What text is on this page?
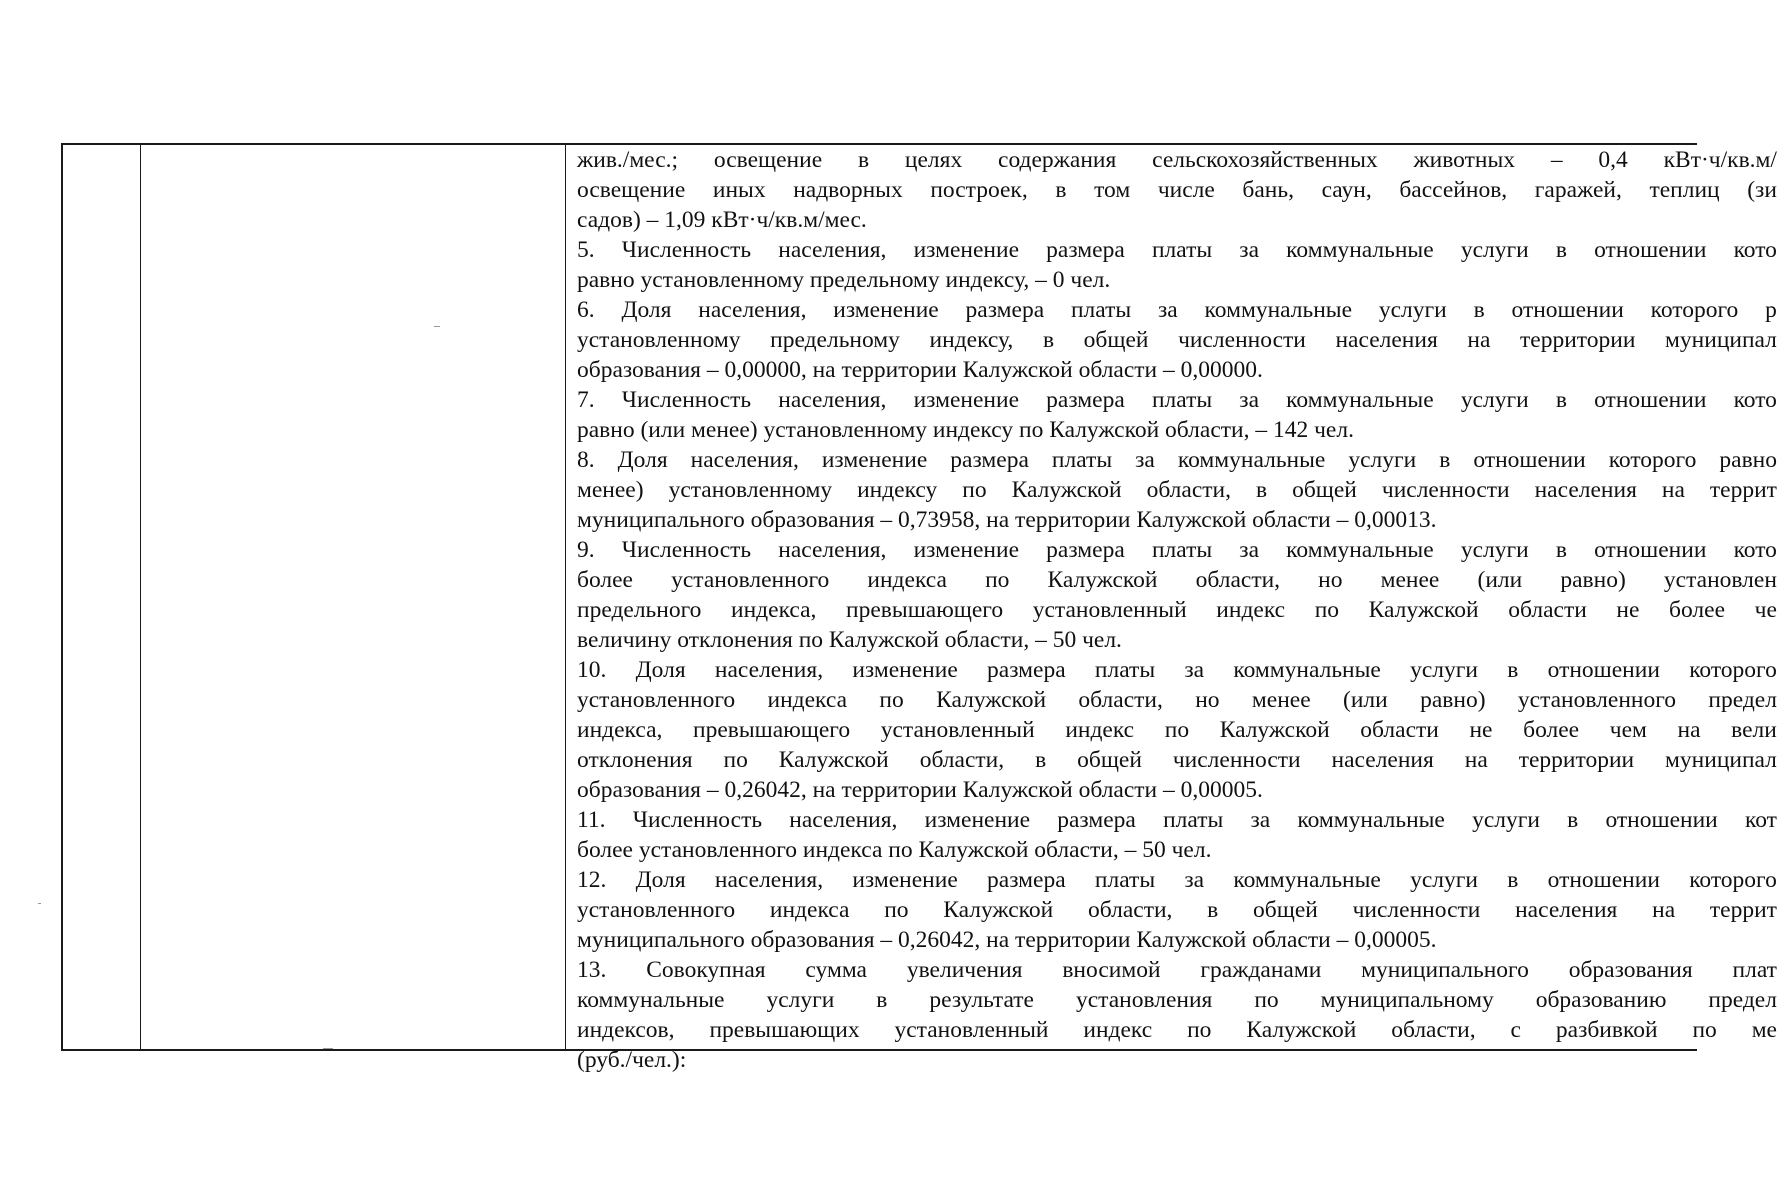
жив./мес.; освещение в целях содержания сельскохозяйственных животных – 0,4 кВт·ч/кв.м/
освещение иных надворных построек, в том числе бань, саун, бассейнов, гаражей, теплиц (зи
садов) – 1,09 кВт·ч/кв.м/мес.
5. Численность населения, изменение размера платы за коммунальные услуги в отношении кото
равно установленному предельному индексу, – 0 чел.
6. Доля населения, изменение размера платы за коммунальные услуги в отношении которого р
установленному предельному индексу, в общей численности населения на территории муниципал
образования – 0,00000, на территории Калужской области – 0,00000.
7. Численность населения, изменение размера платы за коммунальные услуги в отношении кото
равно (или менее) установленному индексу по Калужской области, – 142 чел.
8. Доля населения, изменение размера платы за коммунальные услуги в отношении которого равно
менее) установленному индексу по Калужской области, в общей численности населения на террит
муниципального образования – 0,73958, на территории Калужской области – 0,00013.
9. Численность населения, изменение размера платы за коммунальные услуги в отношении кото
более установленного индекса по Калужской области, но менее (или равно) установлен
предельного индекса, превышающего установленный индекс по Калужской области не более че
величину отклонения по Калужской области, – 50 чел.
10. Доля населения, изменение размера платы за коммунальные услуги в отношении которого
установленного индекса по Калужской области, но менее (или равно) установленного предел
индекса, превышающего установленный индекс по Калужской области не более чем на вели
отклонения по Калужской области, в общей численности населения на территории муниципал
образования – 0,26042, на территории Калужской области – 0,00005.
11. Численность населения, изменение размера платы за коммунальные услуги в отношении кот
более установленного индекса по Калужской области, – 50 чел.
12. Доля населения, изменение размера платы за коммунальные услуги в отношении которого
установленного индекса по Калужской области, в общей численности населения на террит
муниципального образования – 0,26042, на территории Калужской области – 0,00005.
13. Совокупная сумма увеличения вносимой гражданами муниципального образования плат
коммунальные услуги в результате установления по муниципальному образованию предел
индексов, превышающих установленный индекс по Калужской области, с разбивкой по ме
(руб./чел.):
